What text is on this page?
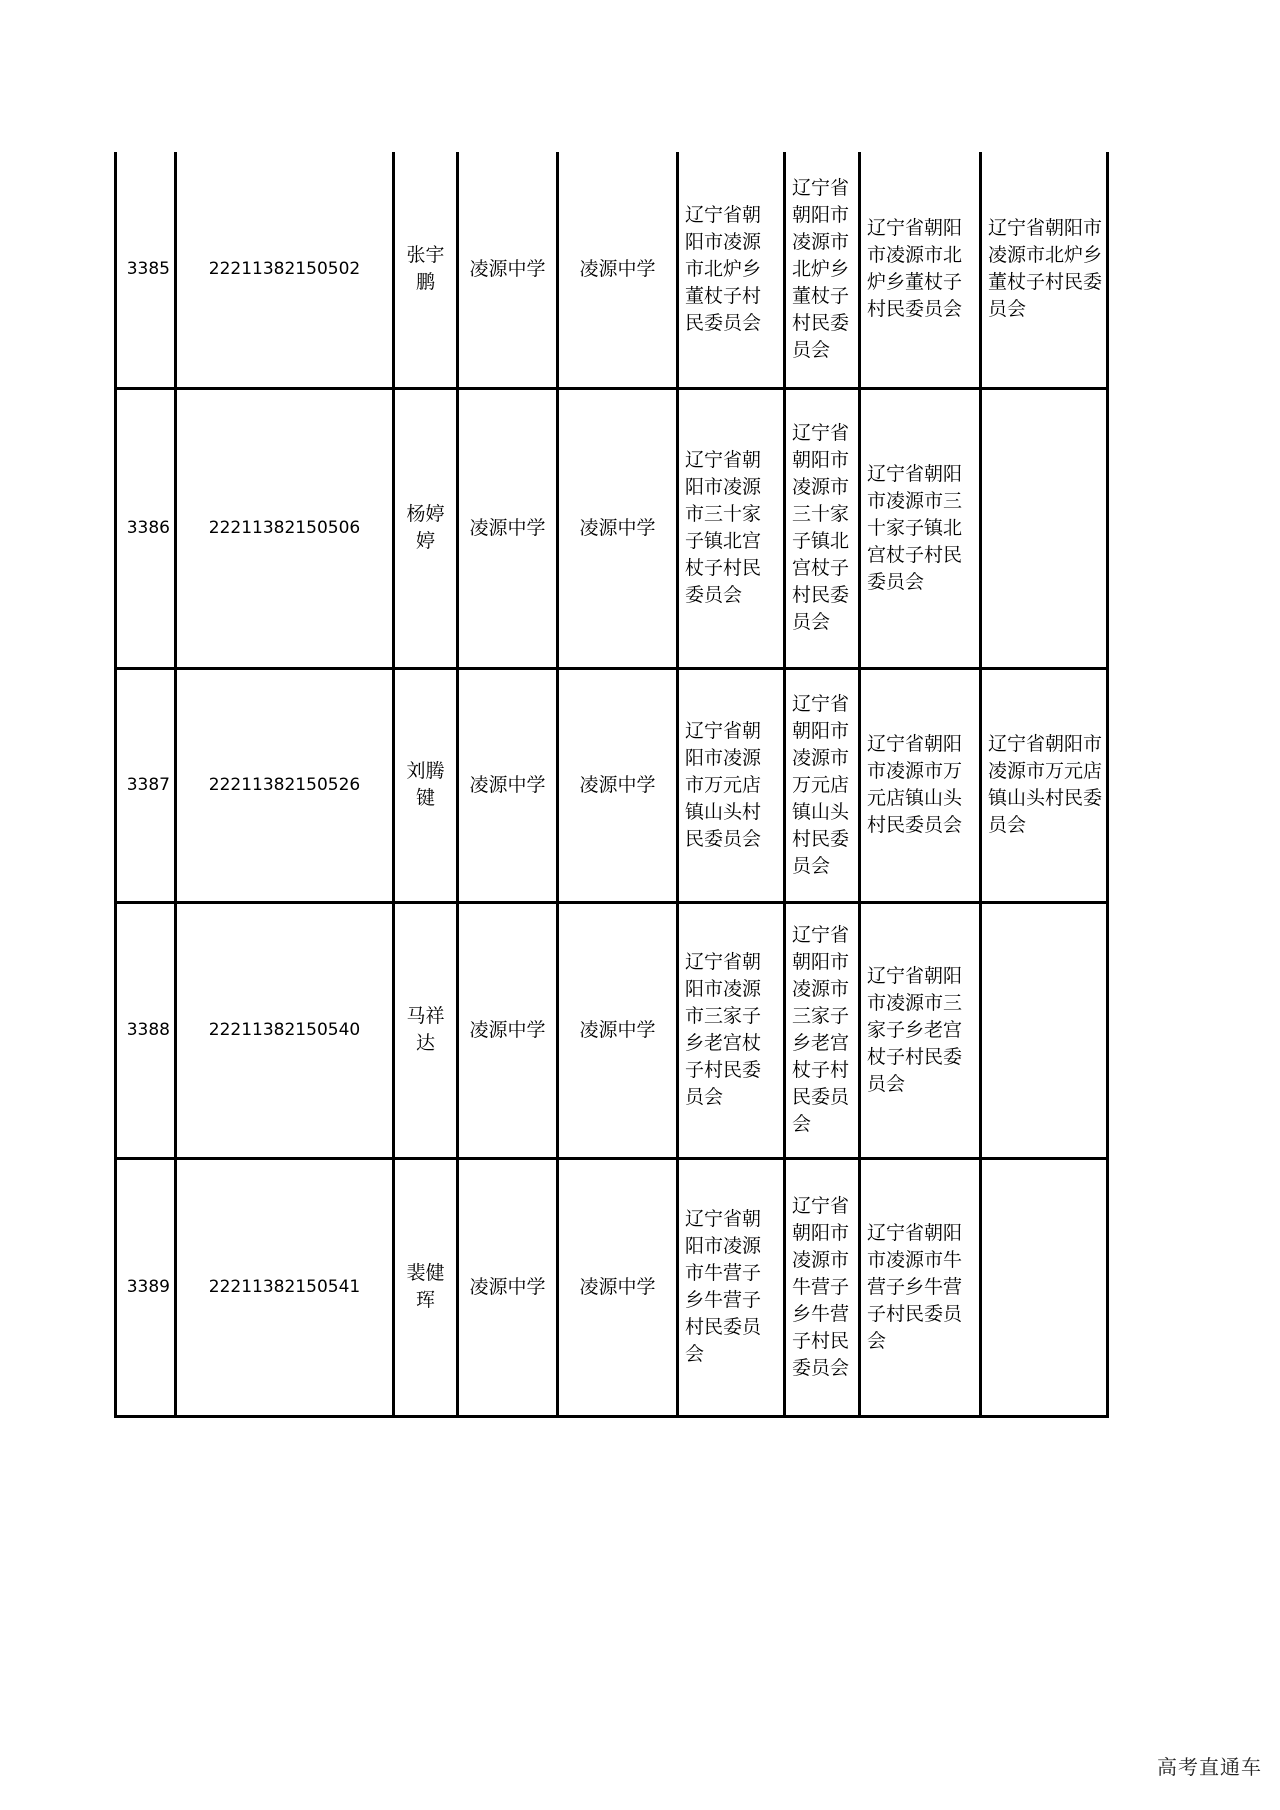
3385	22211382150502	张宇鹏	凌源中学	凌源中学	辽宁省朝阳市凌源市北炉乡董杖子村民委员会	辽宁省朝阳市凌源市北炉乡董杖子村民委员会	辽宁省朝阳市凌源市北炉乡董杖子村民委员会	辽宁省朝阳市凌源市北炉乡董杖子村民委员会
3386	22211382150506	杨婷婷	凌源中学	凌源中学	辽宁省朝阳市凌源市三十家子镇北宫杖子村民委员会	辽宁省朝阳市凌源市三十家子镇北宫杖子村民委员会	辽宁省朝阳市凌源市三十家子镇北宫杖子村民委员会	
3387	22211382150526	刘腾键	凌源中学	凌源中学	辽宁省朝阳市凌源市万元店镇山头村民委员会	辽宁省朝阳市凌源市万元店镇山头村民委员会	辽宁省朝阳市凌源市万元店镇山头村民委员会	辽宁省朝阳市凌源市万元店镇山头村民委员会
3388	22211382150540	马祥达	凌源中学	凌源中学	辽宁省朝阳市凌源市三家子乡老宫杖子村民委员会	辽宁省朝阳市凌源市三家子乡老宫杖子村民委员会	辽宁省朝阳市凌源市三家子乡老宫杖子村民委员会	
3389	22211382150541	裴健珲	凌源中学	凌源中学	辽宁省朝阳市凌源市牛营子乡牛营子村民委员会	辽宁省朝阳市凌源市牛营子乡牛营子村民委员会	辽宁省朝阳市凌源市牛营子乡牛营子村民委员会	
高考直通车
